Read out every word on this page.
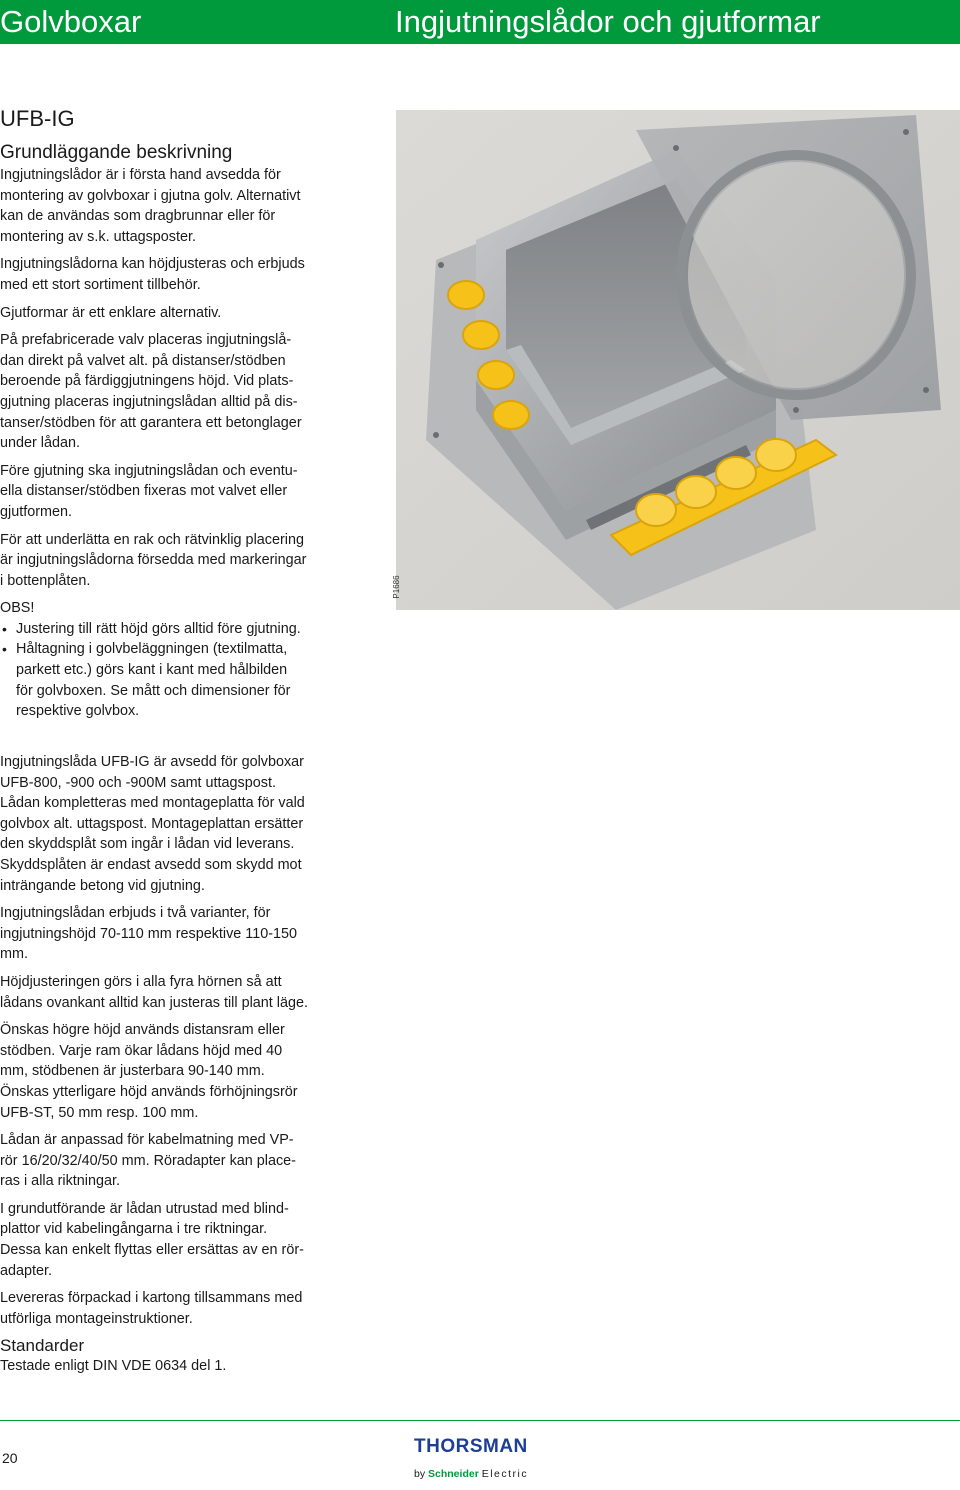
Golvboxar	Ingjutningslådor och gjutformar
UFB-IG
Grundläggande beskrivning
Ingjutningslådor är i första hand avsedda för
montering av golvboxar i gjutna golv. Alternativt
kan de användas som dragbrunnar eller för
montering av s.k. uttagsposter.
Ingjutningslådorna kan höjdjusteras och erbjuds
med ett stort sortiment tillbehör.
Gjutformar är ett enklare alternativ.
På prefabricerade valv placeras ingjutningslå-
dan direkt på valvet alt. på distanser/stödben
beroende på färdiggjutningens höjd. Vid plats-
gjutning placeras ingjutningslådan alltid på dis-
tanser/stödben för att garantera ett betonglager
under lådan.
Före gjutning ska ingjutningslådan och eventu-
ella distanser/stödben fixeras mot valvet eller
gjutformen.
För att underlätta en rak och rätvinklig placering
är ingjutningslådorna försedda med markeringar
i bottenplåten.
OBS!
• Justering till rätt höjd görs alltid före gjutning.
• Håltagning i golvbeläggningen (textilmatta,
parkett etc.) görs kant i kant med hålbilden
för golvboxen. Se mått och dimensioner för
respektive golvbox.
Ingjutningslåda UFB-IG är avsedd för golvboxar
UFB-800, -900 och -900M samt uttagspost.
Lådan kompletteras med montageplatta för vald
golvbox alt. uttagspost. Montageplattan ersätter
den skyddsplåt som ingår i lådan vid leverans.
Skyddsplåten är endast avsedd som skydd mot
inträngande betong vid gjutning.
Ingjutningslådan erbjuds i två varianter, för
ingjutningshöjd 70-110 mm respektive 110-150
mm.
Höjdjusteringen görs i alla fyra hörnen så att
lådans ovankant alltid kan justeras till plant läge.
Önskas högre höjd används distansram eller
stödben. Varje ram ökar lådans höjd med 40
mm, stödbenen är justerbara 90-140 mm.
Önskas ytterligare höjd används förhöjningsrör
UFB-ST, 50 mm resp. 100 mm.
Lådan är anpassad för kabelmatning med VP-
rör 16/20/32/40/50 mm. Röradapter kan place-
ras i alla riktningar.
I grundutförande är lådan utrustad med blind-
plattor vid kabelingångarna i tre riktningar.
Dessa kan enkelt flyttas eller ersättas av en rör-
adapter.
Levereras förpackad i kartong tillsammans med
utförliga montageinstruktioner.
Standarder
Testade enligt DIN VDE 0634 del 1.
P1686
20
THORSMAN
by Schneider Electric
